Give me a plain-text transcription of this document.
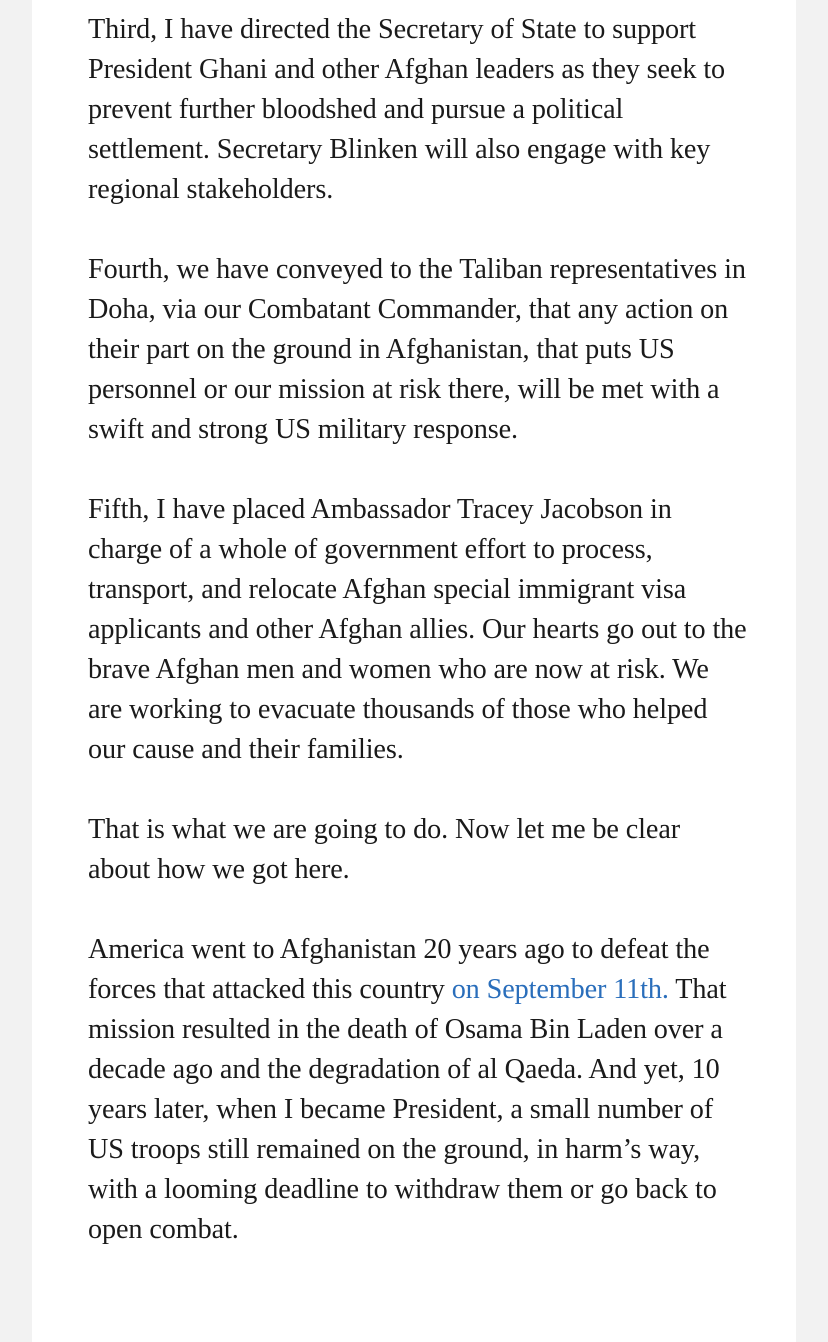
Third, I have directed the Secretary of State to support President Ghani and other Afghan leaders as they seek to prevent further bloodshed and pursue a political settlement. Secretary Blinken will also engage with key regional stakeholders.

Fourth, we have conveyed to the Taliban representatives in Doha, via our Combatant Commander, that any action on their part on the ground in Afghanistan, that puts US personnel or our mission at risk there, will be met with a swift and strong US military response.

Fifth, I have placed Ambassador Tracey Jacobson in charge of a whole of government effort to process, transport, and relocate Afghan special immigrant visa applicants and other Afghan allies. Our hearts go out to the brave Afghan men and women who are now at risk. We are working to evacuate thousands of those who helped our cause and their families.

That is what we are going to do. Now let me be clear about how we got here.

America went to Afghanistan 20 years ago to defeat the forces that attacked this country on September 11th. That mission resulted in the death of Osama Bin Laden over a decade ago and the degradation of al Qaeda. And yet, 10 years later, when I became President, a small number of US troops still remained on the ground, in harm’s way, with a looming deadline to withdraw them or go back to open combat.
